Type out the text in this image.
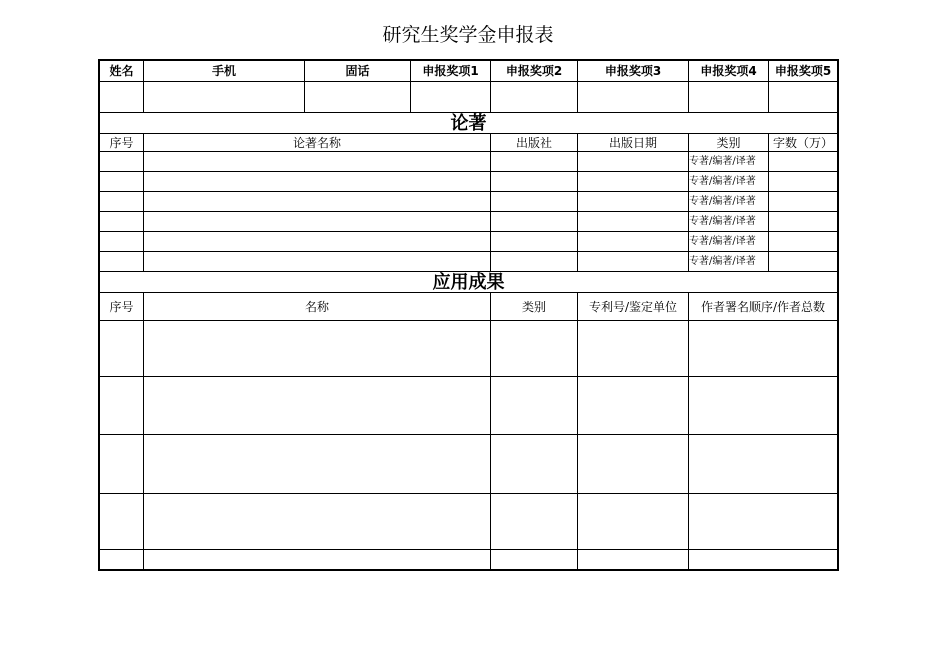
研究生奖学金申报表
姓名	手机	固话	申报奖项1	申报奖项2	申报奖项3	申报奖项4	申报奖项5

论著							
序号	论著名称			出版社	出版日期	类别	字数（万）
						专著/编著/译著	
						专著/编著/译著	
						专著/编著/译著	
						专著/编著/译著	
						专著/编著/译著	
						专著/编著/译著	
应用成果							
序号	名称			类别	专利号/鉴定单位	作者署名顺序/作者总数	
